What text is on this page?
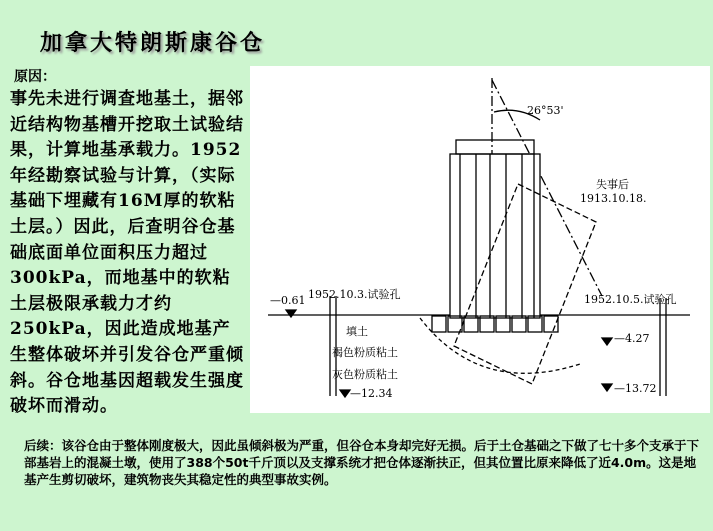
加拿大特朗斯康谷仓
原因：
事先未进行调查地基土，据邻近结构物基槽开挖取土试验结果，计算地基承载力。1952年经勘察试验与计算，（实际基础下埋藏有16M厚的软粘土层。）因此，后查明谷仓基础底面单位面积压力超过300kPa，而地基中的软粘土层极限承载力才约250kPa，因此造成地基产生整体破坏并引发谷仓严重倾斜。谷仓地基因超载发生强度破坏而滑动。
26°53'
失事后
1913.10.18.
1952.10.3.试验孔	1952.10.5.试验孔
—0.61
—4.27
—13.72
—12.34
填土
褐色粉质粘土
灰色粉质粘土
后续：该谷仓由于整体刚度极大，因此虽倾斜极为严重，但谷仓本身却完好无损。后于土仓基础之下做了七十多个支承于下部基岩上的混凝土墩，使用了388个50t千斤顶以及支撑系统才把仓体逐渐扶正，但其位置比原来降低了近4.0m。这是地基产生剪切破坏，建筑物丧失其稳定性的典型事故实例。
